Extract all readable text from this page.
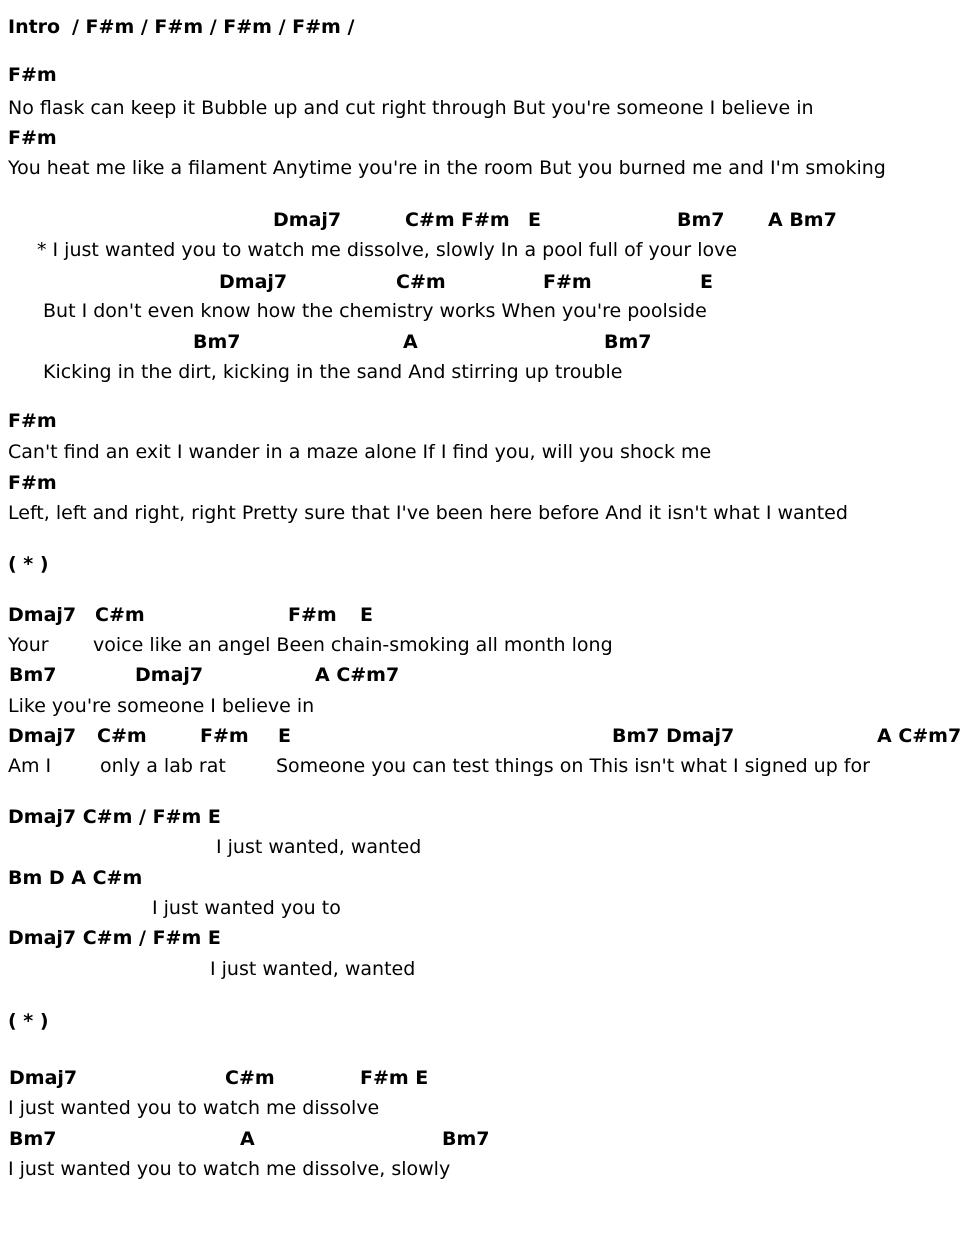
Intro / F#m / F#m / F#m / F#m /
F#m
No flask can keep it Bubble up and cut right through But you're someone I believe in
F#m
You heat me like a filament Anytime you're in the room But you burned me and I'm smoking
Dmaj7	C#m F#m E	Bm7 A Bm7
* I just wanted you to watch me dissolve, slowly In a pool full of your love
Dmaj7	C#m	F#m	E
But I don't even know how the chemistry works When you're poolside
Bm7	A	Bm7
Kicking in the dirt, kicking in the sand And stirring up trouble
F#m
Can't find an exit I wander in a maze alone If I find you, will you shock me
F#m
Left, left and right, right Pretty sure that I've been here before And it isn't what I wanted
( * )
Dmaj7 C#m	F#m E
Your voice like an angel Been chain-smoking all month long
Bm7	Dmaj7	A C#m7
Like you're someone I believe in
Dmaj7 C#m	F#m E	Bm7 Dmaj7	A C#m7
Am I	only a lab rat	Someone you can test things on This isn't what I signed up for
Dmaj7 C#m / F#m E
I just wanted, wanted
Bm D A C#m
I just wanted you to
Dmaj7 C#m / F#m E
I just wanted, wanted
( * )
Dmaj7	C#m	F#m E
I just wanted you to watch me dissolve
Bm7	A	Bm7
I just wanted you to watch me dissolve, slowly
